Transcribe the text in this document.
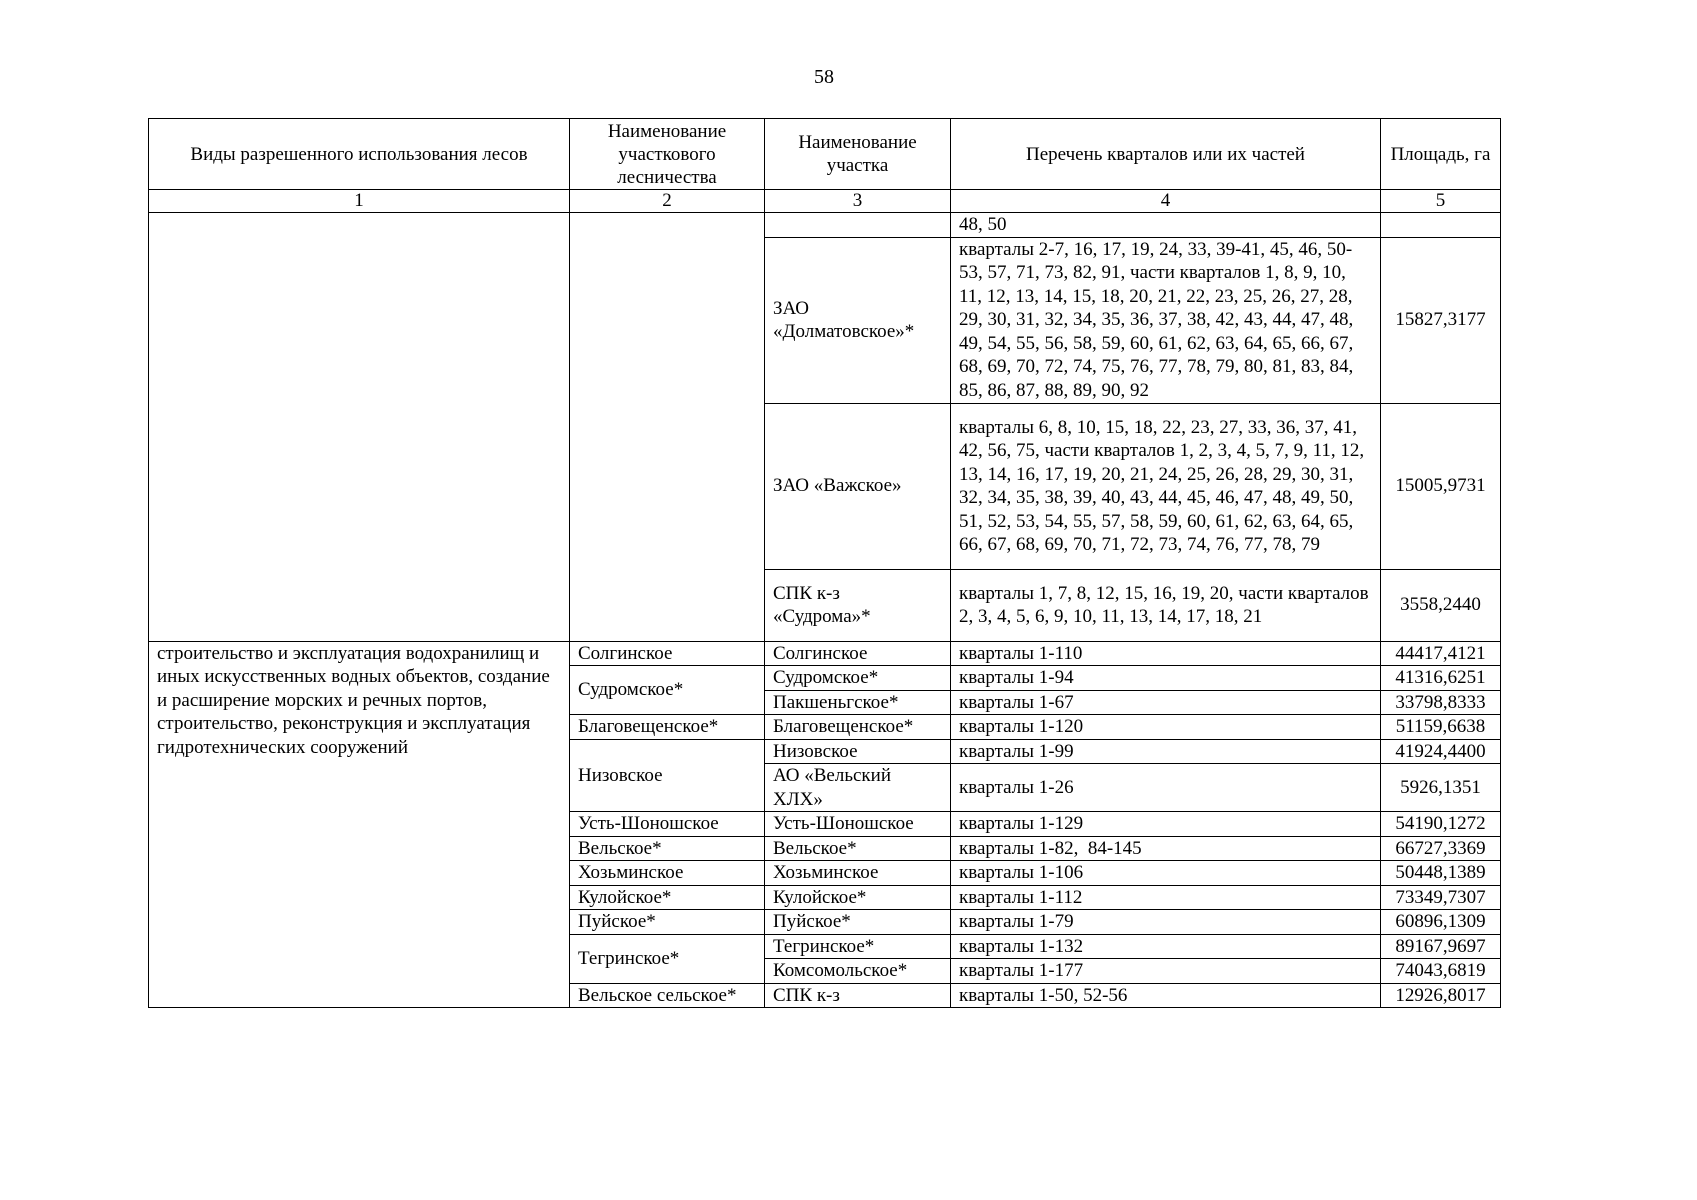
58
Виды разрешенного использования лесов	Наименование участкового лесничества	Наименование участка	Перечень кварталов или их частей	Площадь, га
1	2	3	4	5
			48, 50	
		ЗАО «Долматовское»*	кварталы 2-7, 16, 17, 19, 24, 33, 39-41, 45, 46, 50-53, 57, 71, 73, 82, 91, части кварталов 1, 8, 9, 10, 11, 12, 13, 14, 15, 18, 20, 21, 22, 23, 25, 26, 27, 28, 29, 30, 31, 32, 34, 35, 36, 37, 38, 42, 43, 44, 47, 48, 49, 54, 55, 56, 58, 59, 60, 61, 62, 63, 64, 65, 66, 67, 68, 69, 70, 72, 74, 75, 76, 77, 78, 79, 80, 81, 83, 84, 85, 86, 87, 88, 89, 90, 92	15827,3177
		ЗАО «Важское»	кварталы 6, 8, 10, 15, 18, 22, 23, 27, 33, 36, 37, 41, 42, 56, 75, части кварталов 1, 2, 3, 4, 5, 7, 9, 11, 12, 13, 14, 16, 17, 19, 20, 21, 24, 25, 26, 28, 29, 30, 31, 32, 34, 35, 38, 39, 40, 43, 44, 45, 46, 47, 48, 49, 50, 51, 52, 53, 54, 55, 57, 58, 59, 60, 61, 62, 63, 64, 65, 66, 67, 68, 69, 70, 71, 72, 73, 74, 76, 77, 78, 79	15005,9731
		СПК к-з «Судрома»*	кварталы 1, 7, 8, 12, 15, 16, 19, 20, части кварталов 2, 3, 4, 5, 6, 9, 10, 11, 13, 14, 17, 18, 21	3558,2440
строительство и эксплуатация водохранилищ и иных искусственных водных объектов, создание и расширение морских и речных портов, строительство, реконструкция и эксплуатация гидротехнических сооружений	Солгинское	Солгинское	кварталы 1-110	44417,4121
	Судромское*	Судромское*	кварталы 1-94	41316,6251
		Пакшеньгское*	кварталы 1-67	33798,8333
	Благовещенское*	Благовещенское*	кварталы 1-120	51159,6638
	Низовское	Низовское	кварталы 1-99	41924,4400
		АО «Вельский ХЛХ»	кварталы 1-26	5926,1351
	Усть-Шоношское	Усть-Шоношское	кварталы 1-129	54190,1272
	Вельское*	Вельское*	кварталы 1-82,  84-145	66727,3369
	Хозьминское	Хозьминское	кварталы 1-106	50448,1389
	Кулойское*	Кулойское*	кварталы 1-112	73349,7307
	Пуйское*	Пуйское*	кварталы 1-79	60896,1309
	Тегринское*	Тегринское*	кварталы 1-132	89167,9697
		Комсомольское*	кварталы 1-177	74043,6819
	Вельское сельское*	СПК к-з	кварталы 1-50, 52-56	12926,8017
